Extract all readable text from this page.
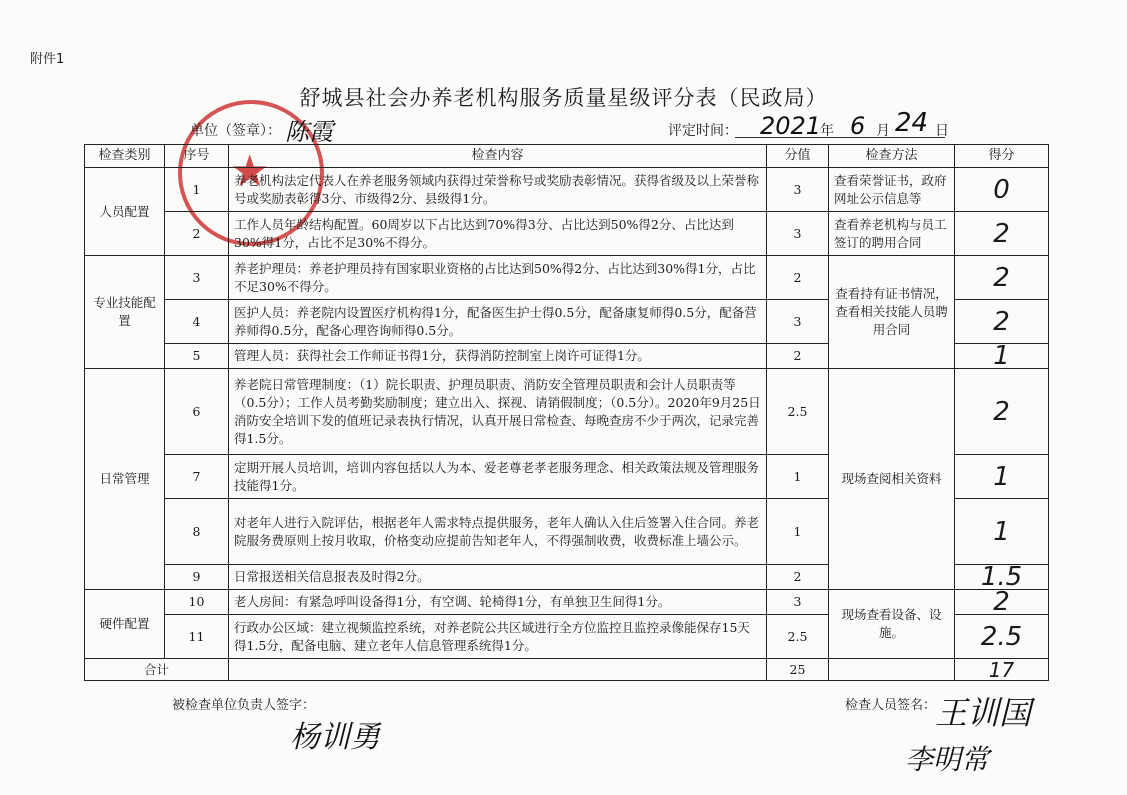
附件1
舒城县社会办养老机构服务质量星级评分表（民政局）
★
单位（签章）： 陈霞	评定时间： 2021
年 6 月 24 日
检查类别	序号	检查内容	分值	检查方法	得分
人员配置	1	养老机构法定代表人在养老服务领域内获得过荣誉称号或奖励表彰情况。获得省级及以上荣誉称号或奖励表彰得3分、市级得2分、县级得1分。	3	查看荣誉证书，政府网址公示信息等	0
	2	工作人员年龄结构配置。60周岁以下占比达到70%得3分、占比达到50%得2分、占比达到30%得1分，占比不足30%不得分。	3	查看养老机构与员工签订的聘用合同	2
专业技能配置	3	养老护理员：养老护理员持有国家职业资格的占比达到50%得2分、占比达到30%得1分，占比不足30%不得分。	2	查看持有证书情况，查看相关技能人员聘用合同	2
	4	医护人员：养老院内设置医疗机构得1分，配备医生护士得0.5分，配备康复师得0.5分，配备营养师得0.5分，配备心理咨询师得0.5分。	3		2
	5	管理人员：获得社会工作师证书得1分，获得消防控制室上岗许可证得1分。	2		1
日常管理	6	养老院日常管理制度：（1）院长职责、护理员职责、消防安全管理员职责和会计人员职责等（0.5分）；工作人员考勤奖励制度；建立出入、探视、请销假制度；（0.5分）。2020年9月25日消防安全培训下发的值班记录表执行情况，认真开展日常检查、每晚查房不少于两次，记录完善得1.5分。	2.5	现场查阅相关资料	2
	7	定期开展人员培训，培训内容包括以人为本、爱老尊老孝老服务理念、相关政策法规及管理服务技能得1分。	1		1
	8	对老年人进行入院评估，根据老年人需求特点提供服务，老年人确认入住后签署入住合同。养老院服务费原则上按月收取，价格变动应提前告知老年人，不得强制收费，收费标准上墙公示。	1		1
	9	日常报送相关信息报表及时得2分。	2		1.5
硬件配置	10	老人房间：有紧急呼叫设备得1分，有空调、轮椅得1分，有单独卫生间得1分。	3	现场查看设备、设施。	2
	11	行政办公区域：建立视频监控系统，对养老院公共区域进行全方位监控且监控录像能保存15天得1.5分，配备电脑、建立老年人信息管理系统得1分。	2.5		2.5
合计			25		17
被检查单位负责人签字：
杨训勇
检查人员签名：
王训国
李明常
